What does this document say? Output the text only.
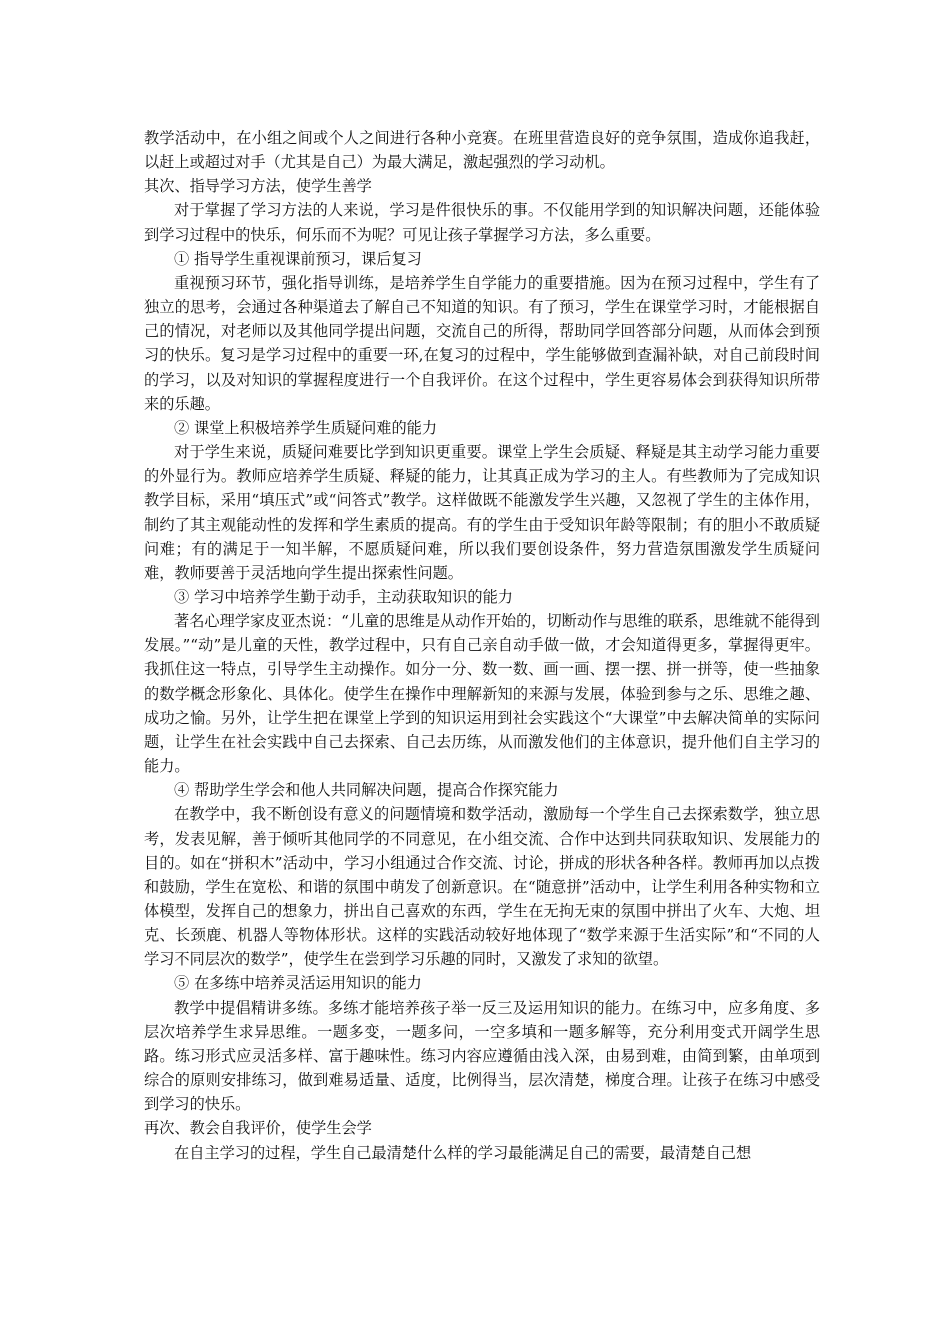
教学活动中，在小组之间或个人之间进行各种小竞赛。在班里营造良好的竞争氛围，造成你追我赶，以赶上或超过对手（尤其是自己）为最大满足，激起强烈的学习动机。

其次、指导学习方法，使学生善学

对于掌握了学习方法的人来说，学习是件很快乐的事。不仅能用学到的知识解决问题，还能体验到学习过程中的快乐，何乐而不为呢？可见让孩子掌握学习方法，多么重要。

① 指导学生重视课前预习，课后复习

重视预习环节，强化指导训练，是培养学生自学能力的重要措施。因为在预习过程中，学生有了独立的思考，会通过各种渠道去了解自己不知道的知识。有了预习，学生在课堂学习时，才能根据自己的情况，对老师以及其他同学提出问题，交流自己的所得，帮助同学回答部分问题，从而体会到预习的快乐。复习是学习过程中的重要一环,在复习的过程中，学生能够做到查漏补缺，对自己前段时间的学习，以及对知识的掌握程度进行一个自我评价。在这个过程中，学生更容易体会到获得知识所带来的乐趣。

② 课堂上积极培养学生质疑问难的能力

对于学生来说，质疑问难要比学到知识更重要。课堂上学生会质疑、释疑是其主动学习能力重要的外显行为。教师应培养学生质疑、释疑的能力，让其真正成为学习的主人。有些教师为了完成知识教学目标，采用“填压式”或“问答式”教学。这样做既不能激发学生兴趣，又忽视了学生的主体作用，制约了其主观能动性的发挥和学生素质的提高。有的学生由于受知识年龄等限制；有的胆小不敢质疑问难；有的满足于一知半解，不愿质疑问难，所以我们要创设条件，努力营造氛围激发学生质疑问难，教师要善于灵活地向学生提出探索性问题。

③ 学习中培养学生勤于动手，主动获取知识的能力

著名心理学家皮亚杰说：“儿童的思维是从动作开始的，切断动作与思维的联系，思维就不能得到发展。”“动”是儿童的天性，教学过程中，只有自己亲自动手做一做，才会知道得更多，掌握得更牢。我抓住这一特点，引导学生主动操作。如分一分、数一数、画一画、摆一摆、拼一拼等，使一些抽象的数学概念形象化、具体化。使学生在操作中理解新知的来源与发展，体验到参与之乐、思维之趣、成功之愉。另外，让学生把在课堂上学到的知识运用到社会实践这个“大课堂”中去解决简单的实际问题，让学生在社会实践中自己去探索、自己去历练，从而激发他们的主体意识，提升他们自主学习的能力。

④ 帮助学生学会和他人共同解决问题，提高合作探究能力

在教学中，我不断创设有意义的问题情境和数学活动，激励每一个学生自己去探索数学，独立思考，发表见解，善于倾听其他同学的不同意见，在小组交流、合作中达到共同获取知识、发展能力的目的。如在“拼积木”活动中，学习小组通过合作交流、讨论，拼成的形状各种各样。教师再加以点拨和鼓励，学生在宽松、和谐的氛围中萌发了创新意识。在“随意拼”活动中，让学生利用各种实物和立体模型，发挥自己的想象力，拼出自己喜欢的东西，学生在无拘无束的氛围中拼出了火车、大炮、坦克、长颈鹿、机器人等物体形状。这样的实践活动较好地体现了“数学来源于生活实际”和“不同的人学习不同层次的数学”，使学生在尝到学习乐趣的同时，又激发了求知的欲望。

⑤ 在多练中培养灵活运用知识的能力

教学中提倡精讲多练。多练才能培养孩子举一反三及运用知识的能力。在练习中，应多角度、多层次培养学生求异思维。一题多变，一题多问，一空多填和一题多解等，充分利用变式开阔学生思路。练习形式应灵活多样、富于趣味性。练习内容应遵循由浅入深，由易到难，由简到繁，由单项到综合的原则安排练习，做到难易适量、适度，比例得当，层次清楚，梯度合理。让孩子在练习中感受到学习的快乐。

再次、教会自我评价，使学生会学

在自主学习的过程，学生自己最清楚什么样的学习最能满足自己的需要，最清楚自己想
